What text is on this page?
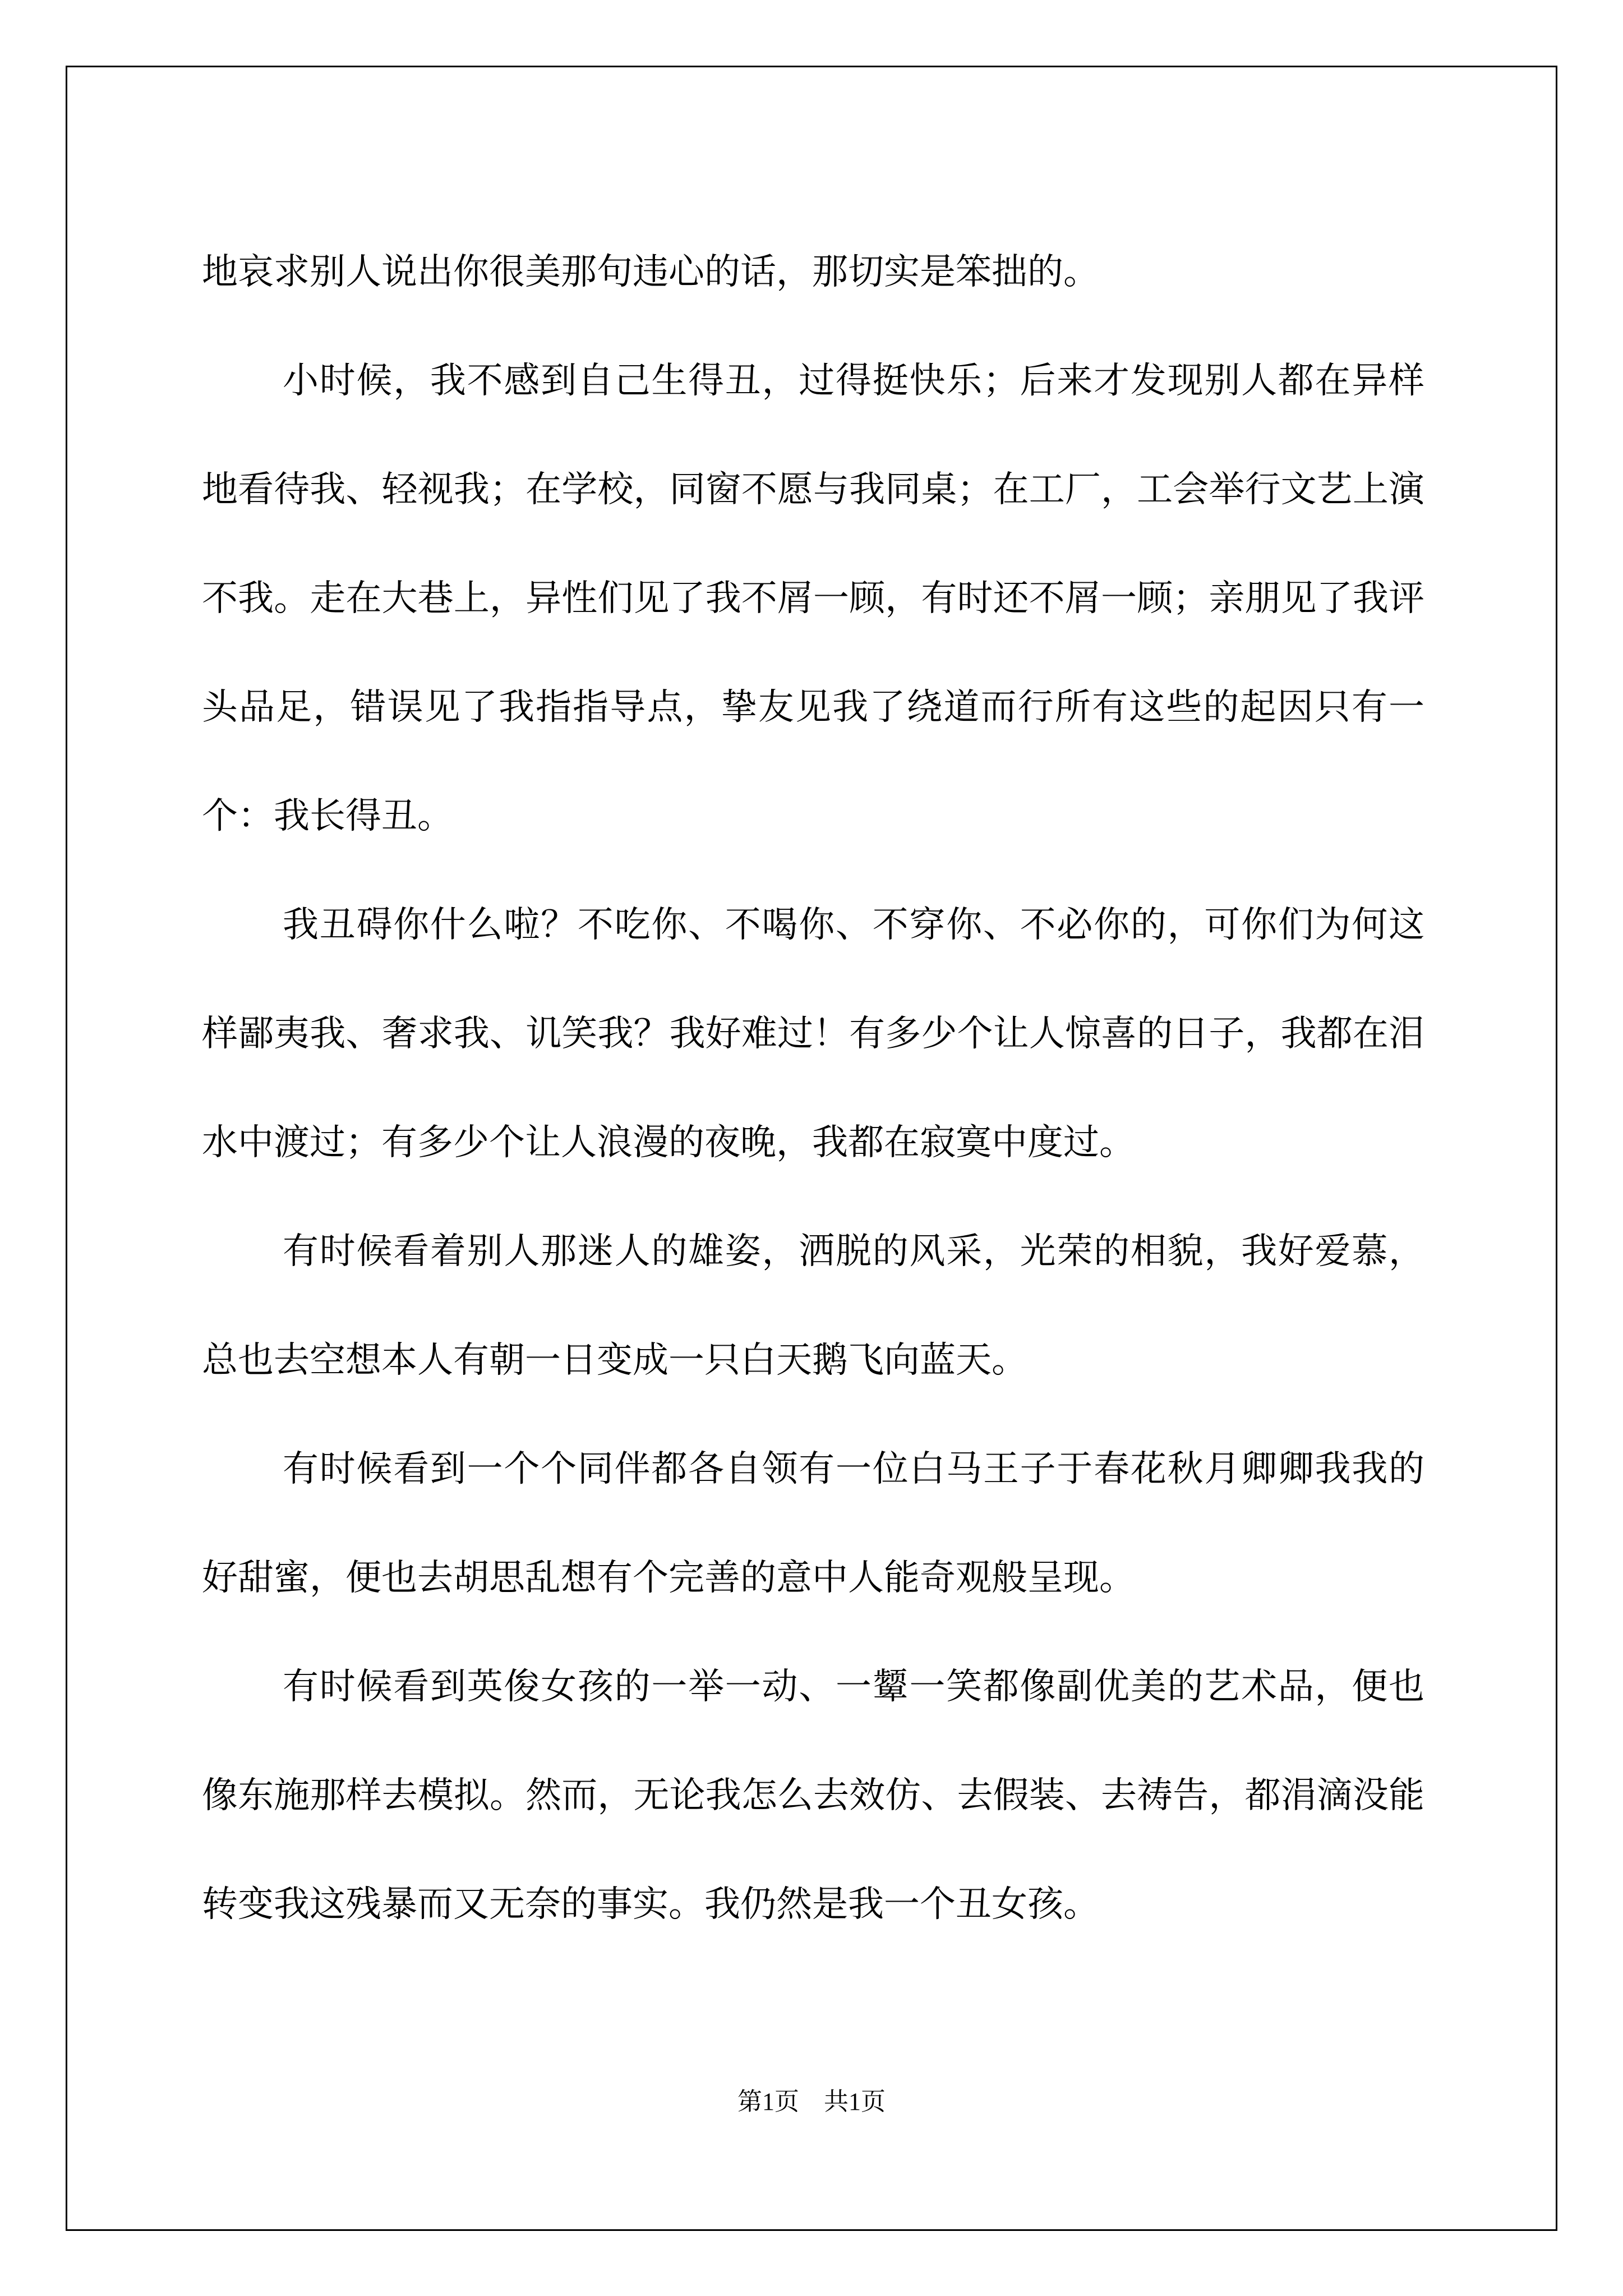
地哀求别人说出你很美那句违心的话，那切实是笨拙的。

小时候，我不感到自己生得丑，过得挺快乐；后来才发现别人都在异样地看待我、轻视我；在学校，同窗不愿与我同桌；在工厂，工会举行文艺上演不我。走在大巷上，异性们见了我不屑一顾，有时还不屑一顾；亲朋见了我评头品足，错误见了我指指导点，挚友见我了绕道而行所有这些的起因只有一个：我长得丑。

我丑碍你什么啦？不吃你、不喝你、不穿你、不必你的，可你们为何这样鄙夷我、奢求我、讥笑我？我好难过！有多少个让人惊喜的日子，我都在泪水中渡过；有多少个让人浪漫的夜晚，我都在寂寞中度过。

有时候看着别人那迷人的雄姿，洒脱的风采，光荣的相貌，我好爱慕，总也去空想本人有朝一日变成一只白天鹅飞向蓝天。

有时候看到一个个同伴都各自领有一位白马王子于春花秋月卿卿我我的好甜蜜，便也去胡思乱想有个完善的意中人能奇观般呈现。

有时候看到英俊女孩的一举一动、一颦一笑都像副优美的艺术品，便也像东施那样去模拟。然而，无论我怎么去效仿、去假装、去祷告，都涓滴没能转变我这残暴而又无奈的事实。我仍然是我一个丑女孩。

第1页 共1页
